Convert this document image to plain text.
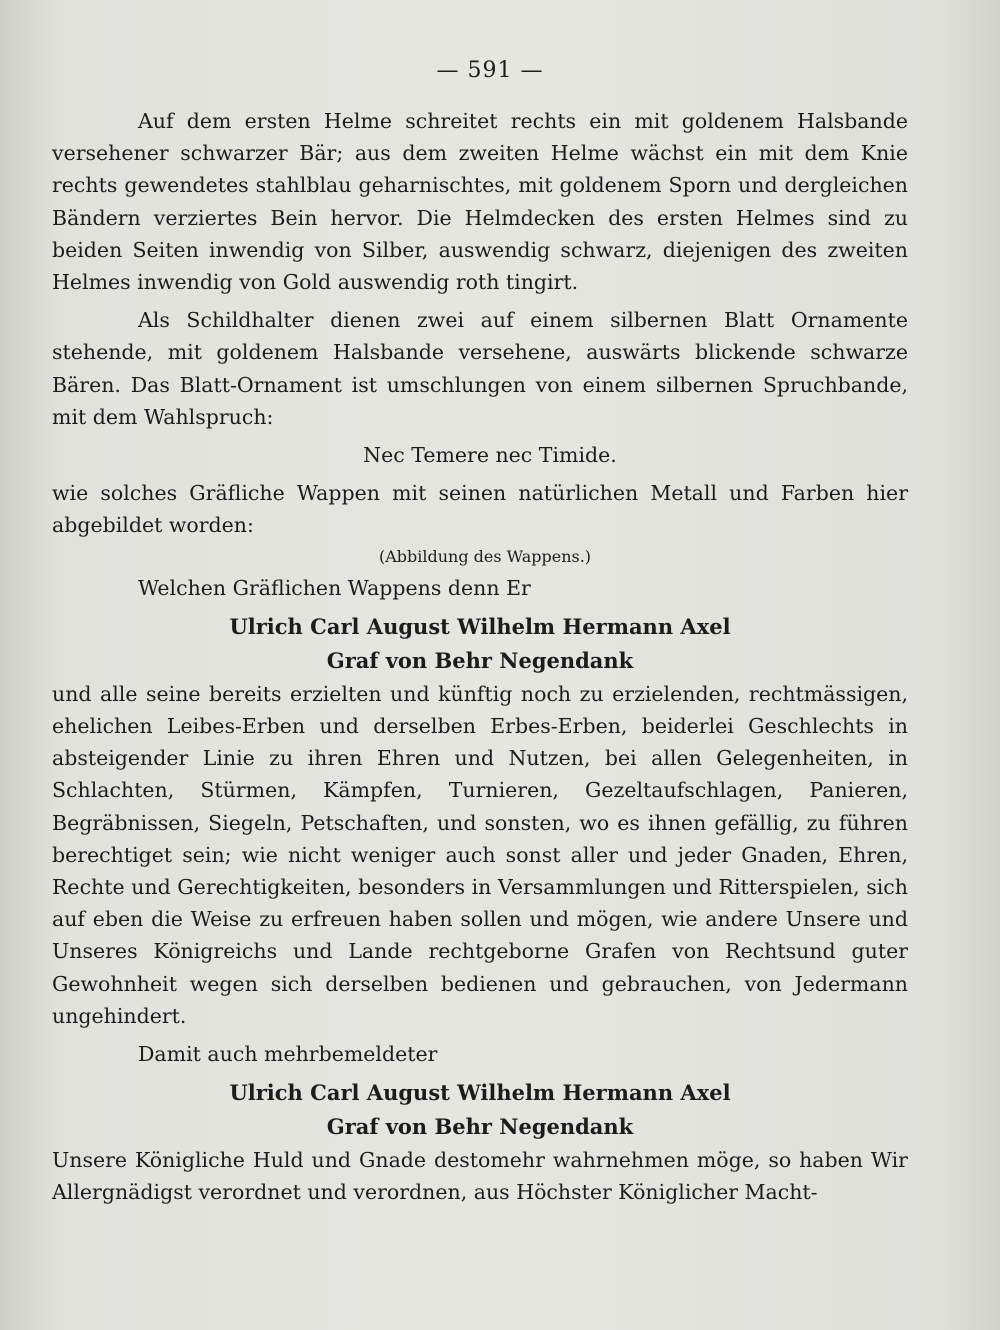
— 591 —

Auf dem ersten Helme schreitet rechts ein mit goldenem Halsbande versehener schwarzer Bär; aus dem zweiten Helme wächst ein mit dem Knie rechts gewendetes stahlblau geharnischtes, mit goldenem Sporn und dergleichen Bändern verziertes Bein hervor. Die Helmdecken des ersten Helmes sind zu beiden Seiten inwendig von Silber, auswendig schwarz, diejenigen des zweiten Helmes inwendig von Gold auswendig roth tingirt.

Als Schildhalter dienen zwei auf einem silbernen Blatt Ornamente stehende, mit goldenem Halsbande versehene, auswärts blickende schwarze Bären. Das Blatt-Ornament ist umschlungen von einem silbernen Spruchbande, mit dem Wahlspruch:

Nec Temere nec Timide.

wie solches Gräfliche Wappen mit seinen natürlichen Metall und Farben hier abgebildet worden:

(Abbildung des Wappens.)

Welchen Gräflichen Wappens denn Er

Ulrich Carl August Wilhelm Hermann Axel

Graf von Behr Negendank

und alle seine bereits erzielten und künftig noch zu erzielenden, rechtmässigen, ehelichen Leibes-Erben und derselben Erbes-Erben, beiderlei Geschlechts in absteigender Linie zu ihren Ehren und Nutzen, bei allen Gelegenheiten, in Schlachten, Stürmen, Kämpfen, Turnieren, Gezeltaufschlagen, Panieren, Begräbnissen, Siegeln, Petschaften, und sonsten, wo es ihnen gefällig, zu führen berechtiget sein; wie nicht weniger auch sonst aller und jeder Gnaden, Ehren, Rechte und Gerechtigkeiten, besonders in Versammlungen und Ritterspielen, sich auf eben die Weise zu erfreuen haben sollen und mögen, wie andere Unsere und Unseres Königreichs und Lande rechtgeborne Grafen von Rechtsund guter Gewohnheit wegen sich derselben bedienen und gebrauchen, von Jedermann ungehindert.

Damit auch mehrbemeldeter

Ulrich Carl August Wilhelm Hermann Axel

Graf von Behr Negendank

Unsere Königliche Huld und Gnade destomehr wahrnehmen möge, so haben Wir Allergnädigst verordnet und verordnen, aus Höchster Königlicher Macht-
